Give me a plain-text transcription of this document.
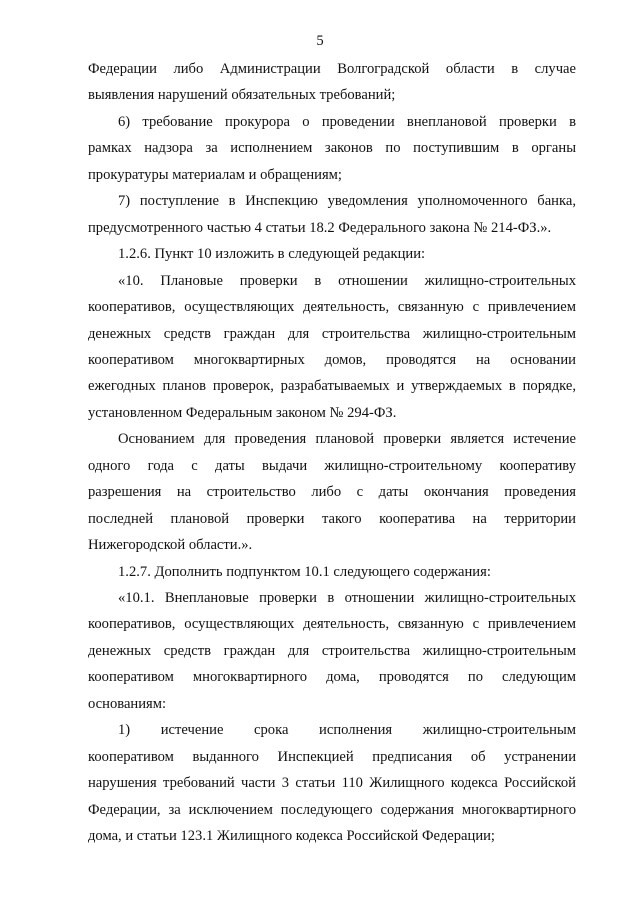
5
Федерации либо Администрации Волгоградской области в случае
выявления нарушений обязательных требований;
6) требование прокурора о проведении внеплановой проверки в
рамках надзора за исполнением законов по поступившим в органы
прокуратуры материалам и обращениям;
7) поступление в Инспекцию уведомления уполномоченного банка,
предусмотренного частью 4 статьи 18.2 Федерального закона № 214-ФЗ.».
1.2.6. Пункт 10 изложить в следующей редакции:
«10. Плановые проверки в отношении жилищно-строительных
кооперативов, осуществляющих деятельность, связанную с привлечением
денежных средств граждан для строительства жилищно-строительным
кооперативом многоквартирных домов, проводятся на основании
ежегодных планов проверок, разрабатываемых и утверждаемых в порядке,
установленном Федеральным законом № 294-ФЗ.
Основанием для проведения плановой проверки является истечение
одного года с даты выдачи жилищно-строительному кооперативу
разрешения на строительство либо с даты окончания проведения
последней плановой проверки такого кооператива на территории
Нижегородской области.».
1.2.7. Дополнить подпунктом 10.1 следующего содержания:
«10.1. Внеплановые проверки в отношении жилищно-строительных
кооперативов, осуществляющих деятельность, связанную с привлечением
денежных средств граждан для строительства жилищно-строительным
кооперативом многоквартирного дома, проводятся по следующим
основаниям:
1) истечение срока исполнения жилищно-строительным
кооперативом выданного Инспекцией предписания об устранении
нарушения требований части 3 статьи 110 Жилищного кодекса Российской
Федерации, за исключением последующего содержания многоквартирного
дома, и статьи 123.1 Жилищного кодекса Российской Федерации;
